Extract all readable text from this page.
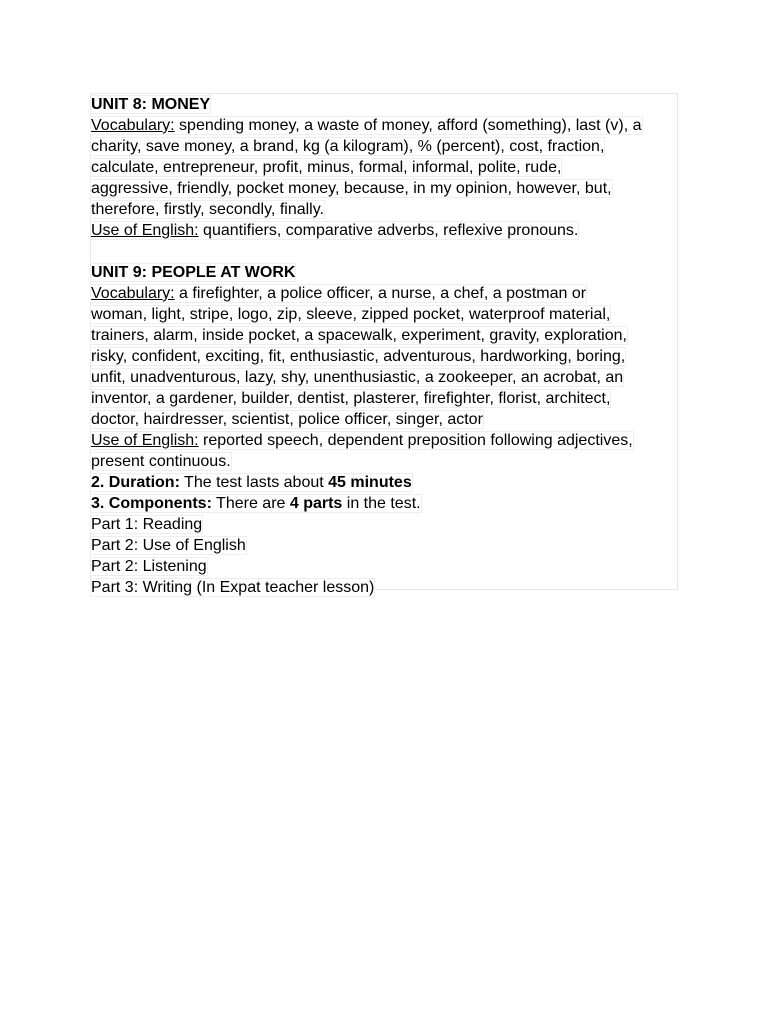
UNIT 8: MONEY
Vocabulary: spending money, a waste of money, afford (something), last (v), a
charity, save money, a brand, kg (a kilogram), % (percent), cost, fraction,
calculate, entrepreneur, profit, minus, formal, informal, polite, rude,
aggressive, friendly, pocket money, because, in my opinion, however, but,
therefore, firstly, secondly, finally.
Use of English: quantifiers, comparative adverbs, reflexive pronouns.
UNIT 9: PEOPLE AT WORK
Vocabulary: a firefighter, a police officer, a nurse, a chef, a postman or
woman, light, stripe, logo, zip, sleeve, zipped pocket, waterproof material,
trainers, alarm, inside pocket, a spacewalk, experiment, gravity, exploration,
risky, confident, exciting, fit, enthusiastic, adventurous, hardworking, boring,
unfit, unadventurous, lazy, shy, unenthusiastic, a zookeeper, an acrobat, an
inventor, a gardener, builder, dentist, plasterer, firefighter, florist, architect,
doctor, hairdresser, scientist, police officer, singer, actor
Use of English: reported speech, dependent preposition following adjectives,
present continuous.
2. Duration: The test lasts about 45 minutes
3. Components: There are 4 parts in the test.
Part 1: Reading
Part 2: Use of English
Part 2: Listening
Part 3: Writing (In Expat teacher lesson)
